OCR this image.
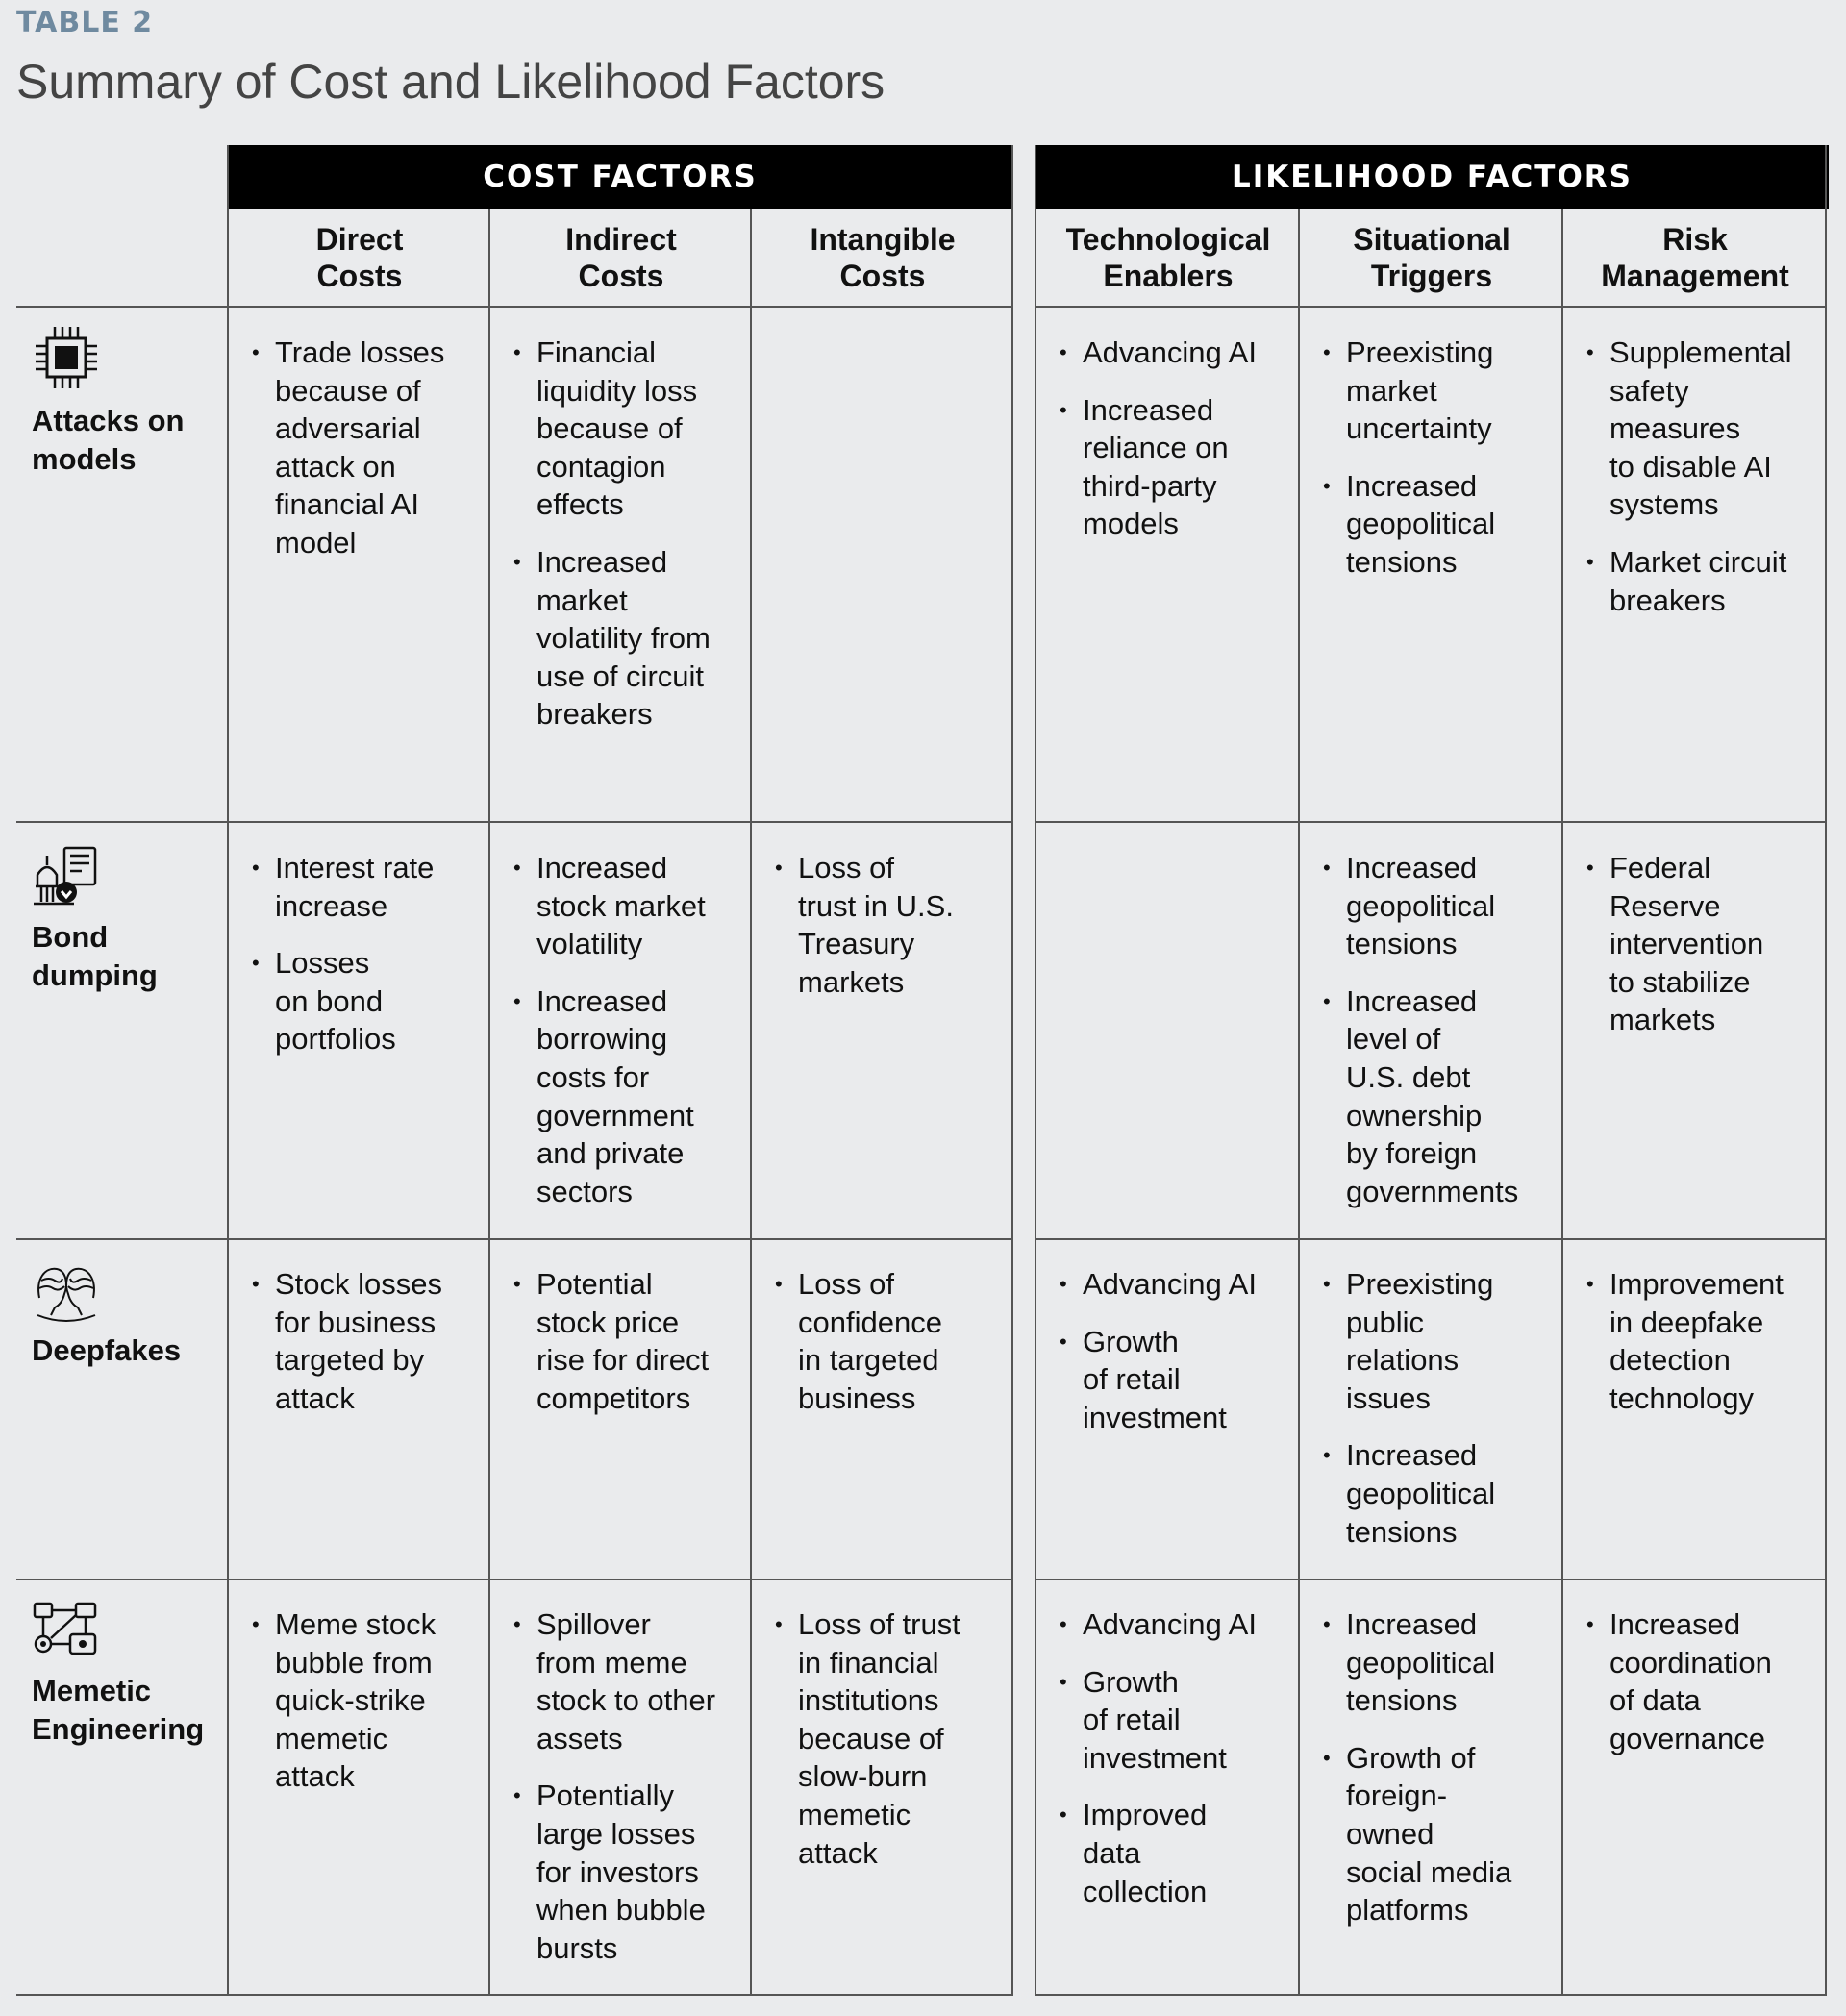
TABLE 2
Summary of Cost and Likelihood Factors
COST FACTORS	LIKELIHOOD FACTORS
Direct
Costs
Indirect
Costs
Intangible
Costs
Technological
Enablers
Situational
Triggers
Risk
Management
Attacks on
models
Bond
dumping
Deepfakes
Memetic
Engineering
• Trade losses
because of
adversarial
attack on
financial AI
model
• Financial
liquidity loss
because of
contagion
effects
• Increased
market
volatility from
use of circuit
breakers
• Advancing AI
• Increased
reliance on
third-party
models
• Preexisting
market
uncertainty
• Increased
geopolitical
tensions
• Supplemental
safety
measures
to disable AI
systems
• Market circuit
breakers
• Interest rate
increase
• Losses
on bond
portfolios
• Increased
stock market
volatility
• Increased
borrowing
costs for
government
and private
sectors
• Loss of
trust in U.S.
Treasury
markets
• Increased
geopolitical
tensions
• Increased
level of
U.S. debt
ownership
by foreign
governments
• Federal
Reserve
intervention
to stabilize
markets
• Stock losses
for business
targeted by
attack
• Potential
stock price
rise for direct
competitors
• Loss of
confidence
in targeted
business
• Advancing AI
• Growth
of retail
investment
• Preexisting
public
relations
issues
• Increased
geopolitical
tensions
• Improvement
in deepfake
detection
technology
• Meme stock
bubble from
quick-strike
memetic
attack
• Spillover
from meme
stock to other
assets
• Potentially
large losses
for investors
when bubble
bursts
• Loss of trust
in financial
institutions
because of
slow-burn
memetic
attack
• Advancing AI
• Growth
of retail
investment
• Improved
data
collection
• Increased
geopolitical
tensions
• Growth of
foreign-
owned
social media
platforms
• Increased
coordination
of data
governance
